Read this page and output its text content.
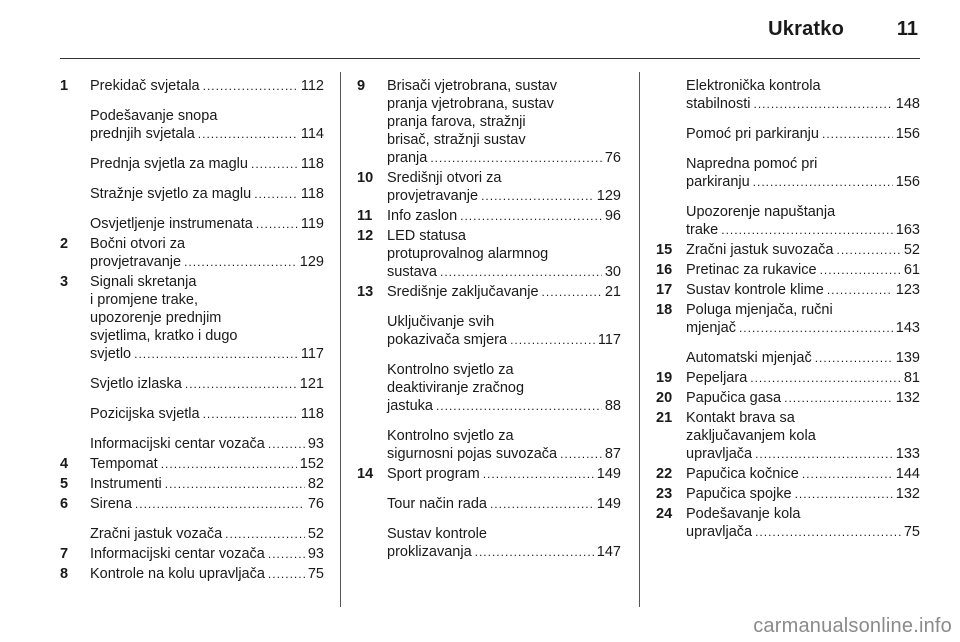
Ukratko	11
1 Prekidač svjetala .....	112
Podešavanje snopa
prednjih svjetala .....	114
Prednja svjetla za maglu .....	118
Stražnje svjetlo za maglu .....	118
Osvjetljenje instrumenata .....	119
2 Bočni otvori za
provjetravanje .....	129
3 Signali skretanja
i promjene trake,
upozorenje prednjim
svjetlima, kratko i dugo
svjetlo .....	117
Svjetlo izlaska .....	121
Pozicijska svjetla .....	118
Informacijski centar vozača .....	93
4 Tempomat .....	152
5 Instrumenti .....	82
6 Sirena .....	76
Zračni jastuk vozača .....	52
7 Informacijski centar vozača .....	93
8 Kontrole na kolu upravljača .....	75
9 Brisači vjetrobrana, sustav
pranja vjetrobrana, sustav
pranja farova, stražnji
brisač, stražnji sustav
pranja .....	76
10 Središnji otvori za
provjetravanje .....	129
11 Info zaslon .....	96
12 LED statusa
protuprovalnog alarmnog
sustava .....	30
13 Središnje zaključavanje .....	21
Uključivanje svih
pokazivača smjera .....	117
Kontrolno svjetlo za
deaktiviranje zračnog
jastuka .....	88
Kontrolno svjetlo za
sigurnosni pojas suvozača .....	87
14 Sport program .....	149
Tour način rada .....	149
Sustav kontrole
proklizavanja .....	147
Elektronička kontrola
stabilnosti .....	148
Pomoć pri parkiranju .....	156
Napredna pomoć pri
parkiranju .....	156
Upozorenje napuštanja
trake .....	163
15 Zračni jastuk suvozača .....	52
16 Pretinac za rukavice .....	61
17 Sustav kontrole klime .....	123
18 Poluga mjenjača, ručni
mjenjač .....	143
Automatski mjenjač .....	139
19 Pepeljara .....	81
20 Papučica gasa .....	132
21 Kontakt brava sa
zaključavanjem kola
upravljača .....	133
22 Papučica kočnice .....	144
23 Papučica spojke .....	132
24 Podešavanje kola
upravljača .....	75
carmanualsonline.info
